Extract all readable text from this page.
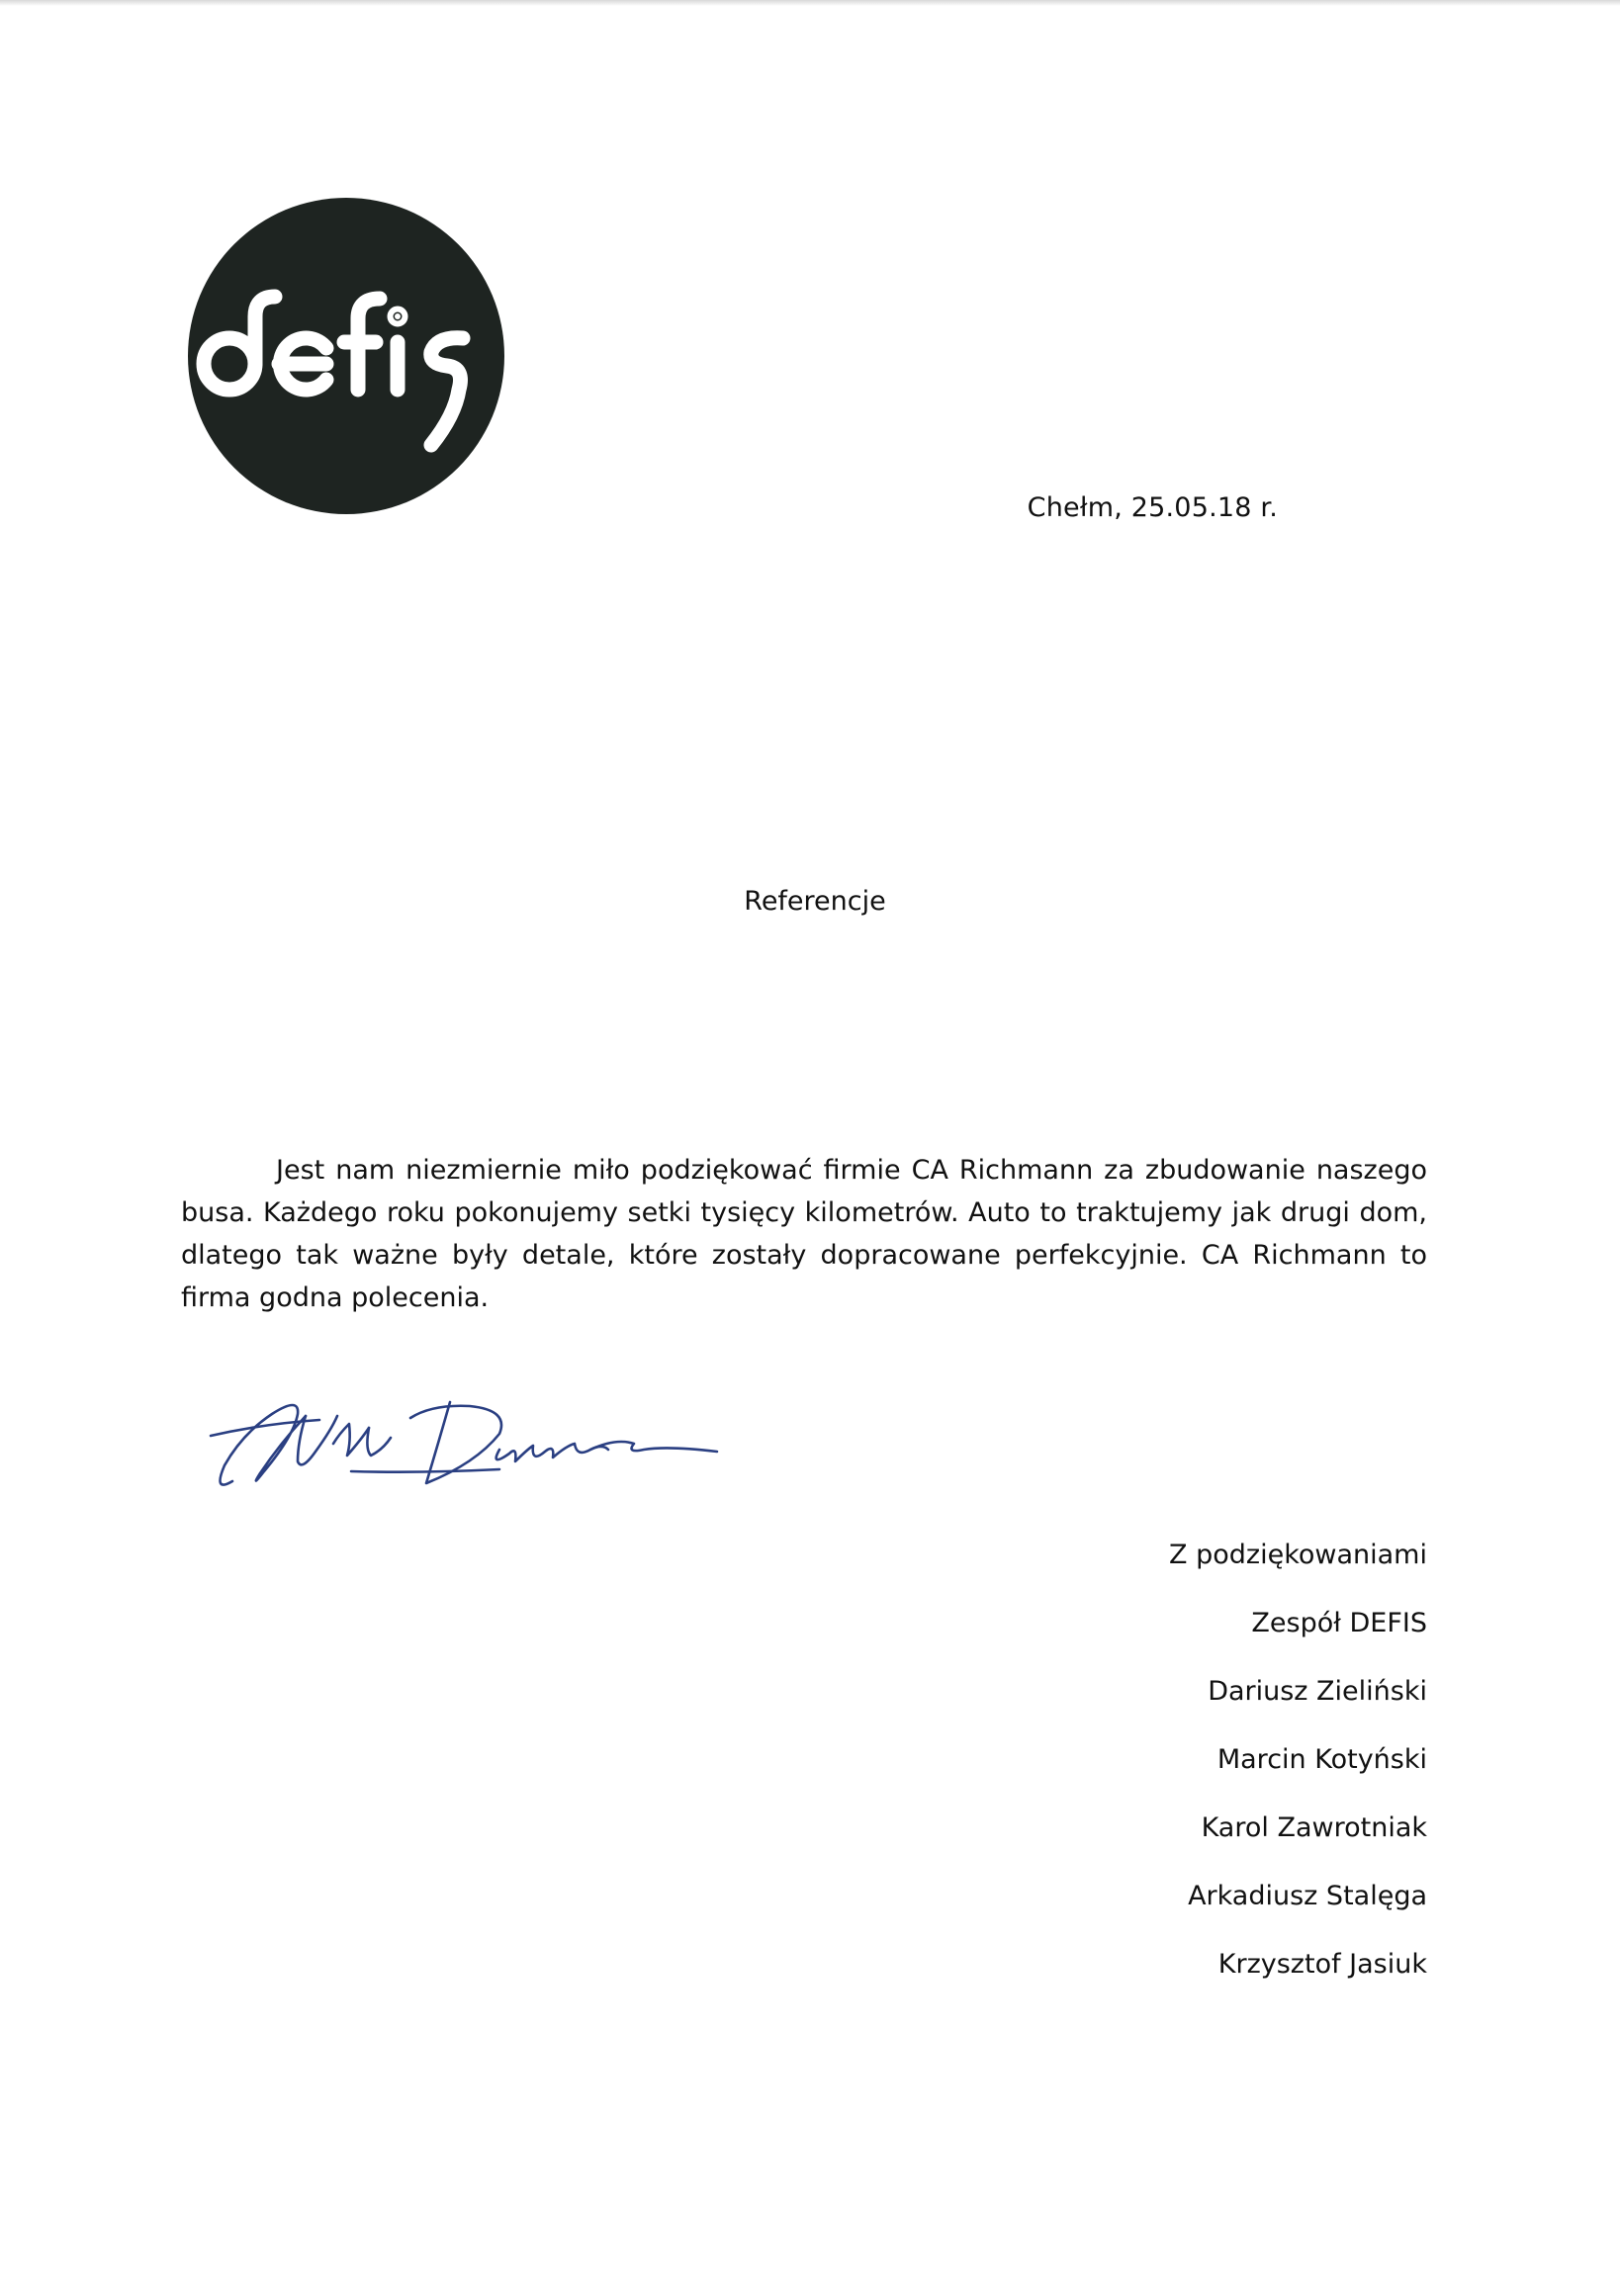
Chełm, 25.05.18 r.
Referencje

Jest nam niezmiernie miło podziękować firmie CA Richmann za zbudowanie naszego busa. Każdego roku pokonujemy setki tysięcy kilometrów. Auto to traktujemy jak drugi dom, dlatego tak ważne były detale, które zostały dopracowane perfekcyjnie. CA Richmann to firma godna polecenia.

Z podziękowaniami
Zespół DEFIS
Dariusz Zieliński
Marcin Kotyński
Karol Zawrotniak
Arkadiusz Stalęga
Krzysztof Jasiuk
